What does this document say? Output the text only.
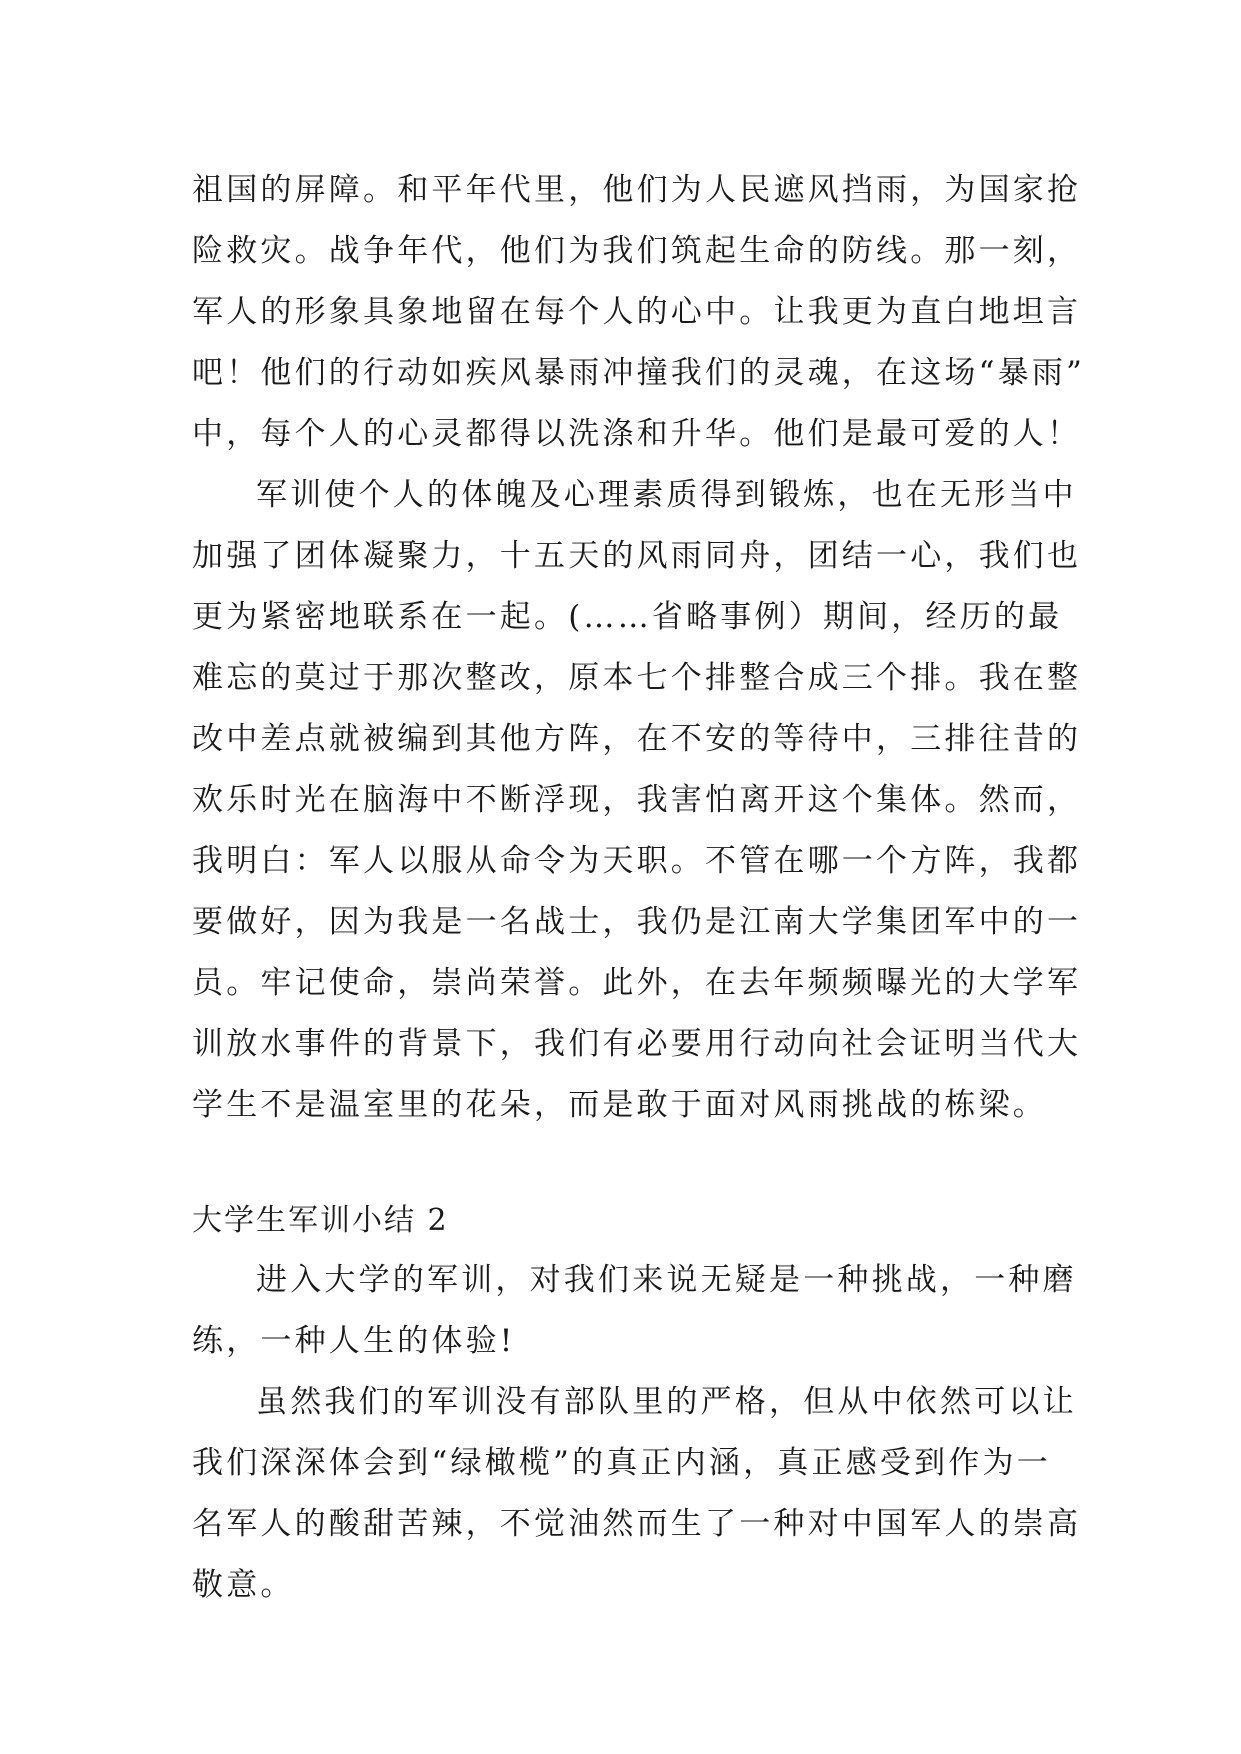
祖国的屏障。和平年代里，他们为人民遮风挡雨，为国家抢
险救灾。战争年代，他们为我们筑起生命的防线。那一刻，
军人的形象具象地留在每个人的心中。让我更为直白地坦言
吧！他们的行动如疾风暴雨冲撞我们的灵魂，在这场“暴雨”
中，每个人的心灵都得以洗涤和升华。他们是最可爱的人！
军训使个人的体魄及心理素质得到锻炼，也在无形当中
加强了团体凝聚力，十五天的风雨同舟，团结一心，我们也
更为紧密地联系在一起。(……省略事例）期间，经历的最
难忘的莫过于那次整改，原本七个排整合成三个排。我在整
改中差点就被编到其他方阵，在不安的等待中，三排往昔的
欢乐时光在脑海中不断浮现，我害怕离开这个集体。然而，
我明白：军人以服从命令为天职。不管在哪一个方阵，我都
要做好，因为我是一名战士，我仍是江南大学集团军中的一
员。牢记使命，崇尚荣誉。此外，在去年频频曝光的大学军
训放水事件的背景下，我们有必要用行动向社会证明当代大
学生不是温室里的花朵，而是敢于面对风雨挑战的栋梁。
大学生军训小结 2
进入大学的军训，对我们来说无疑是一种挑战，一种磨
练，一种人生的体验!
虽然我们的军训没有部队里的严格，但从中依然可以让
我们深深体会到“绿橄榄”的真正内涵，真正感受到作为一
名军人的酸甜苦辣，不觉油然而生了一种对中国军人的崇高
敬意。
